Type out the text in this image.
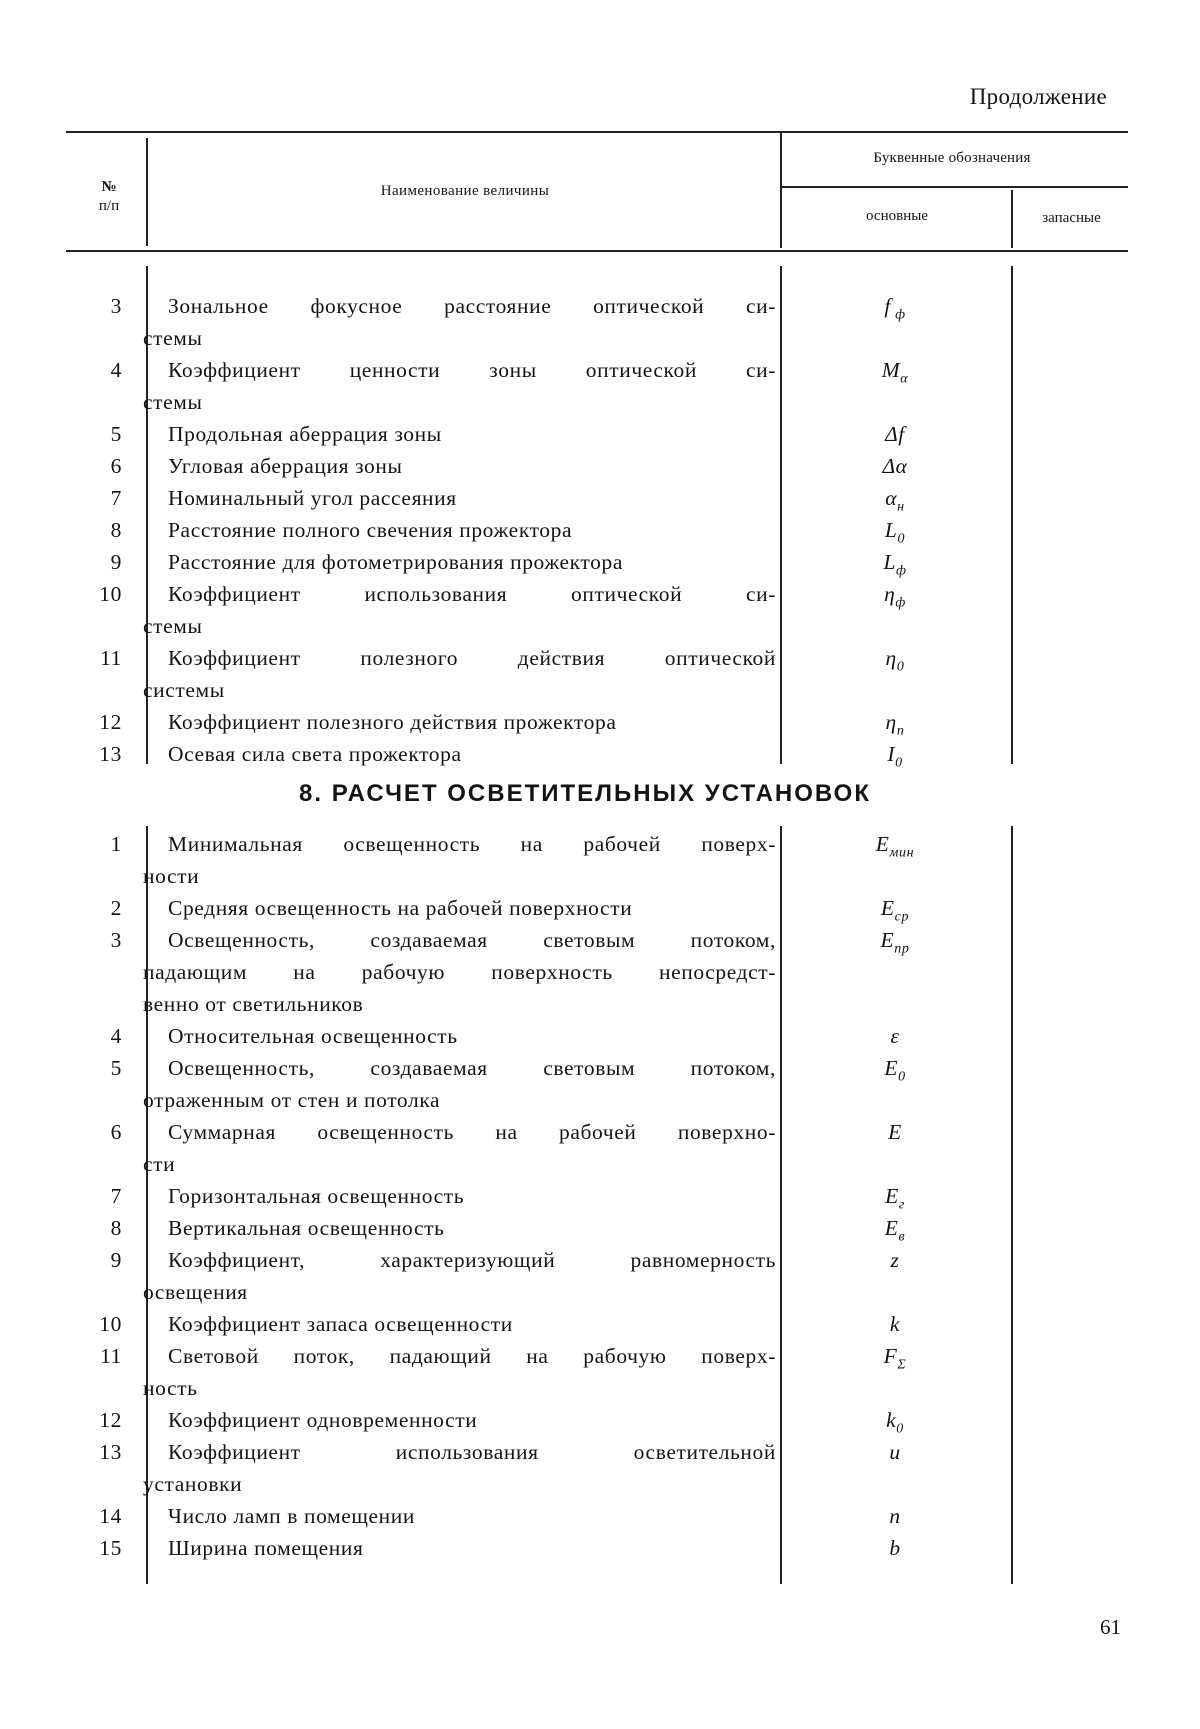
Продолжение
№
п/п
Наименование величины
Буквенные обозначения
основные	запасные
8. РАСЧЕТ ОСВЕТИТЕЛЬНЫХ УСТАНОВОК
3 Зональное фокусное расстояние оптической си-
стемы
f ф
4 Коэффициент ценности зоны оптической си-
стемы
Mα
5 Продольная аберрация зоны	Δf
6 Угловая аберрация зоны	Δα
7 Номинальный угол рассеяния	αн
8 Расстояние полного свечения прожектора	L0
9 Расстояние для фотометрирования прожектора	Lф
10 Коэффициент использования оптической си-
стемы
ηф
11 Коэффициент полезного действия оптической
системы
η0
12 Коэффициент полезного действия прожектора	ηп
13 Осевая сила света прожектора	I0
1 Минимальная освещенность на рабочей поверх-
ности
Eмин
2 Средняя освещенность на рабочей поверхности	Eср
3 Освещенность, создаваемая световым потоком,
падающим на рабочую поверхность непосредст-
венно от светильников
Eпр
4 Относительная освещенность	ε
5 Освещенность, создаваемая световым потоком,
отраженным от стен и потолка
E0
6 Суммарная освещенность на рабочей поверхно-
сти
E
7 Горизонтальная освещенность	Eг
8 Вертикальная освещенность	Eв
9 Коэффициент, характеризующий равномерность
освещения
z
10 Коэффициент запаса освещенности	k
11 Световой поток, падающий на рабочую поверх-
ность
FΣ
12 Коэффициент одновременности	k0
13 Коэффициент использования осветительной
установки
u
14 Число ламп в помещении	n
15 Ширина помещения	b
61
